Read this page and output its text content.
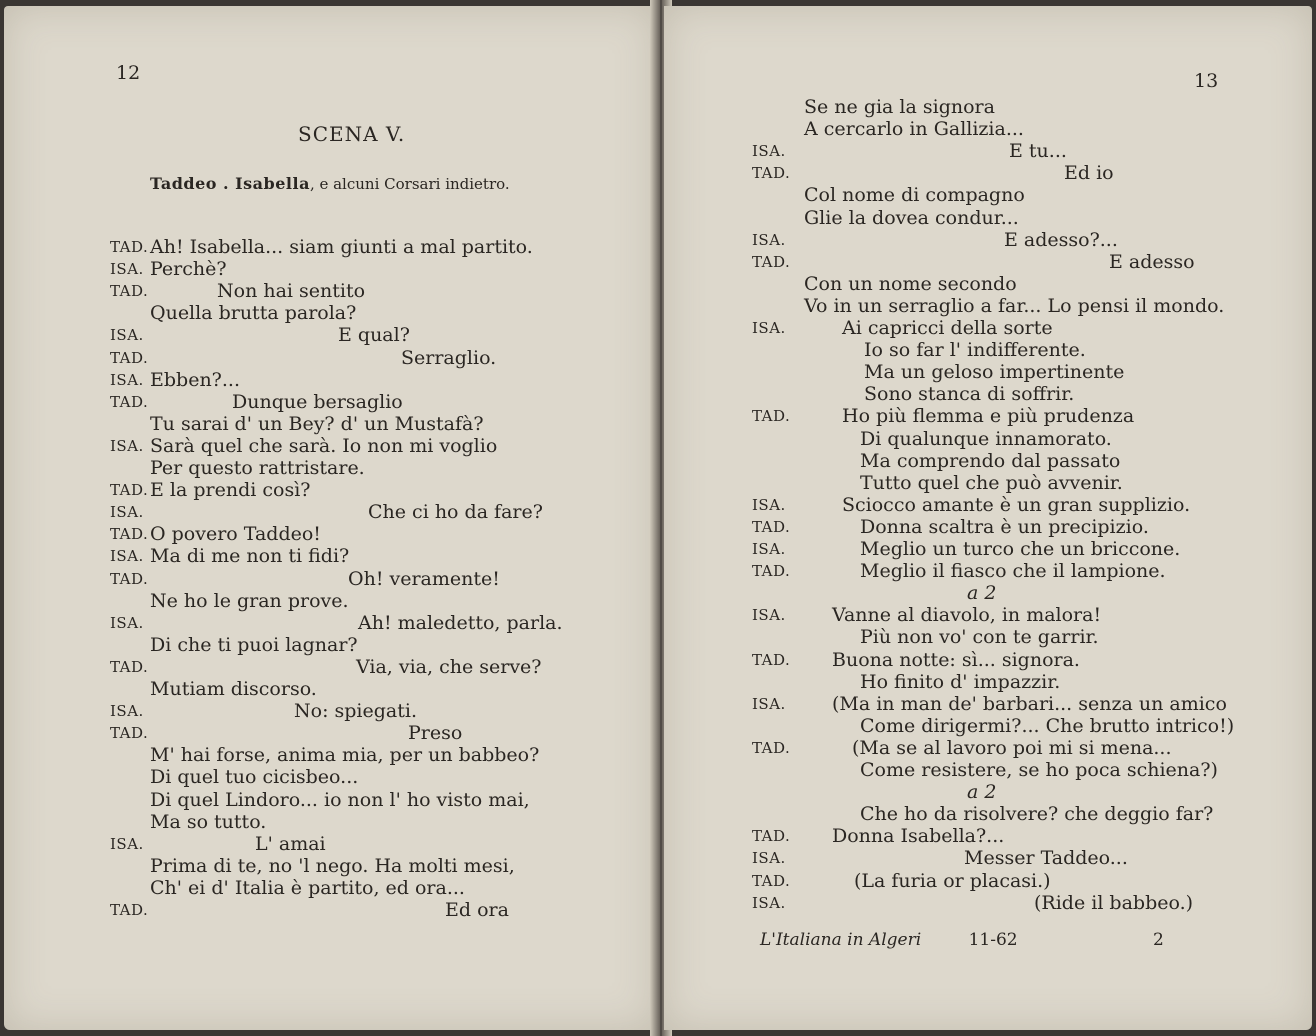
12
SCENA V.
Taddeo . Isabella, e alcuni Corsari indietro.
TAD. Ah! Isabella... siam giunti a mal partito.
ISA. Perchè?
TAD.	Non hai sentito
Quella brutta parola?
ISA.	E qual?
TAD.	Serraglio.
ISA. Ebben?...
TAD.	Dunque bersaglio
Tu sarai d' un Bey? d' un Mustafà?
ISA. Sarà quel che sarà. Io non mi voglio
Per questo rattristare.
TAD. E la prendi così?
ISA.	Che ci ho da fare?
TAD. O povero Taddeo!
ISA. Ma di me non ti fidi?
TAD.	Oh! veramente!
Ne ho le gran prove.
ISA.	Ah! maledetto, parla.
Di che ti puoi lagnar?
TAD.	Via, via, che serve?
Mutiam discorso.
ISA.	No: spiegati.
TAD.	Preso
M' hai forse, anima mia, per un babbeo?
Di quel tuo cicisbeo...
Di quel Lindoro... io non l' ho visto mai,
Ma so tutto.
ISA.	L' amai
Prima di te, no 'l nego. Ha molti mesi,
Ch' ei d' Italia è partito, ed ora...
TAD.	Ed ora
13
Se ne gia la signora
A cercarlo in Gallizia...
ISA.	E tu...
TAD.	Ed io
Col nome di compagno
Glie la dovea condur...
ISA.	E adesso?...
TAD.	E adesso
Con un nome secondo
Vo in un serraglio a far... Lo pensi il mondo.
ISA.	Ai capricci della sorte
Io so far l' indifferente.
Ma un geloso impertinente
Sono stanca di soffrir.
TAD.	Ho più flemma e più prudenza
Di qualunque innamorato.
Ma comprendo dal passato
Tutto quel che può avvenir.
ISA.	Sciocco amante è un gran supplizio.
TAD.	Donna scaltra è un precipizio.
ISA.	Meglio un turco che un briccone.
TAD.	Meglio il fiasco che il lampione.
a 2
ISA. Vanne al diavolo, in malora!
Più non vo' con te garrir.
TAD. Buona notte: sì... signora.
Ho finito d' impazzir.
ISA. (Ma in man de' barbari... senza un amico
Come dirigermi?... Che brutto intrico!)
TAD.	(Ma se al lavoro poi mi si mena...
Come resistere, se ho poca schiena?)
a 2
Che ho da risolvere? che deggio far?
TAD. Donna Isabella?...
ISA.	Messer Taddeo...
TAD.	(La furia or placasi.)
ISA.	(Ride il babbeo.)
L'Italiana in Algeri	11-62	2
